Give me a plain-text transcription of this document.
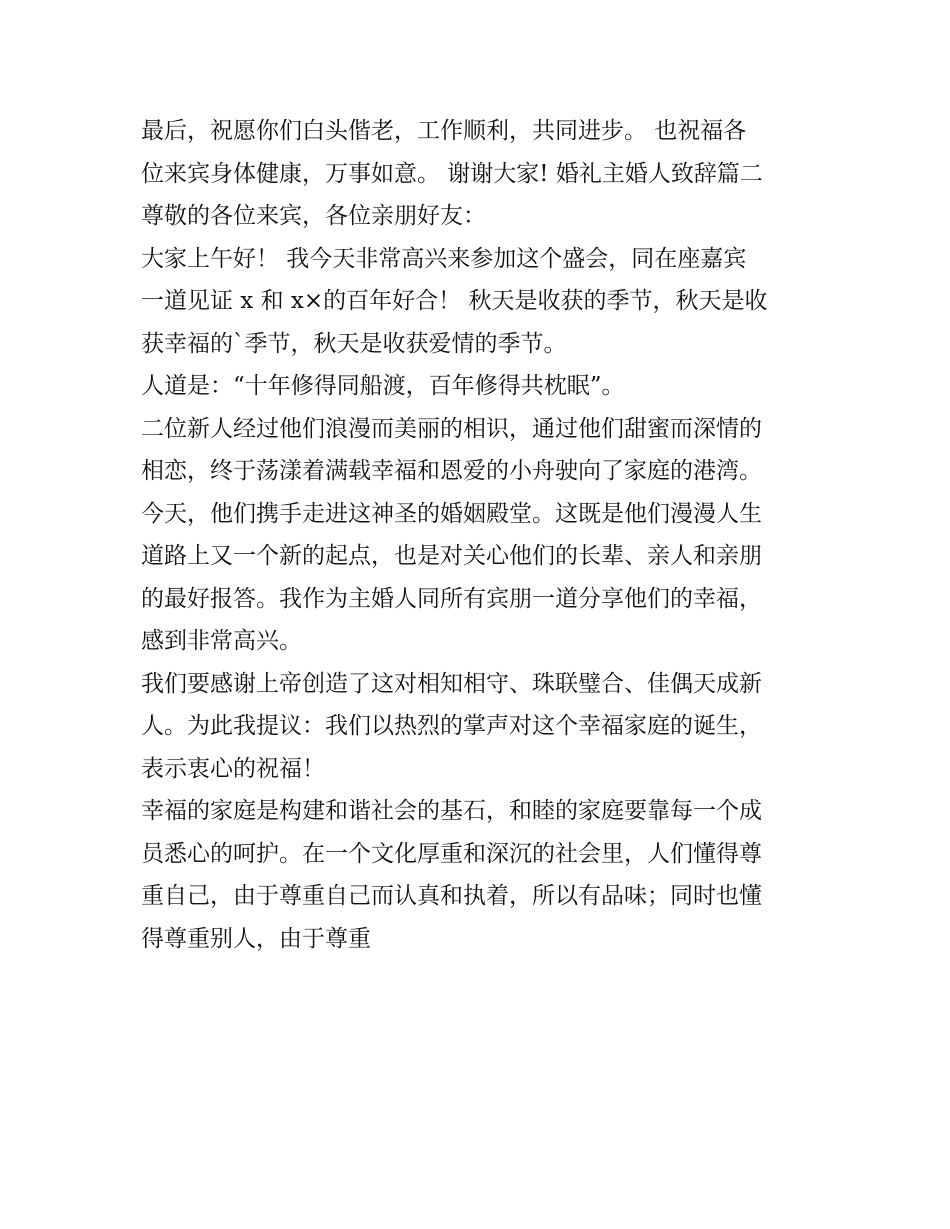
最后，祝愿你们白头偕老，工作顺利，共同进步。 也祝福各
位来宾身体健康，万事如意。 谢谢大家! 婚礼主婚人致辞篇二
尊敬的各位来宾，各位亲朋好友：
大家上午好！ 我今天非常高兴来参加这个盛会，同在座嘉宾
一道见证 x 和 x×的百年好合！ 秋天是收获的季节，秋天是收
获幸福的`季节，秋天是收获爱情的季节。
人道是：“十年修得同船渡，百年修得共枕眠”。
二位新人经过他们浪漫而美丽的相识，通过他们甜蜜而深情的
相恋，终于荡漾着满载幸福和恩爱的小舟驶向了家庭的港湾。
今天，他们携手走进这神圣的婚姻殿堂。这既是他们漫漫人生
道路上又一个新的起点，也是对关心他们的长辈、亲人和亲朋
的最好报答。我作为主婚人同所有宾朋一道分享他们的幸福，
感到非常高兴。
我们要感谢上帝创造了这对相知相守、珠联璧合、佳偶天成新
人。为此我提议：我们以热烈的掌声对这个幸福家庭的诞生，
表示衷心的祝福！
幸福的家庭是构建和谐社会的基石，和睦的家庭要靠每一个成
员悉心的呵护。在一个文化厚重和深沉的社会里，人们懂得尊
重自己，由于尊重自己而认真和执着，所以有品味；同时也懂
得尊重别人，由于尊重
